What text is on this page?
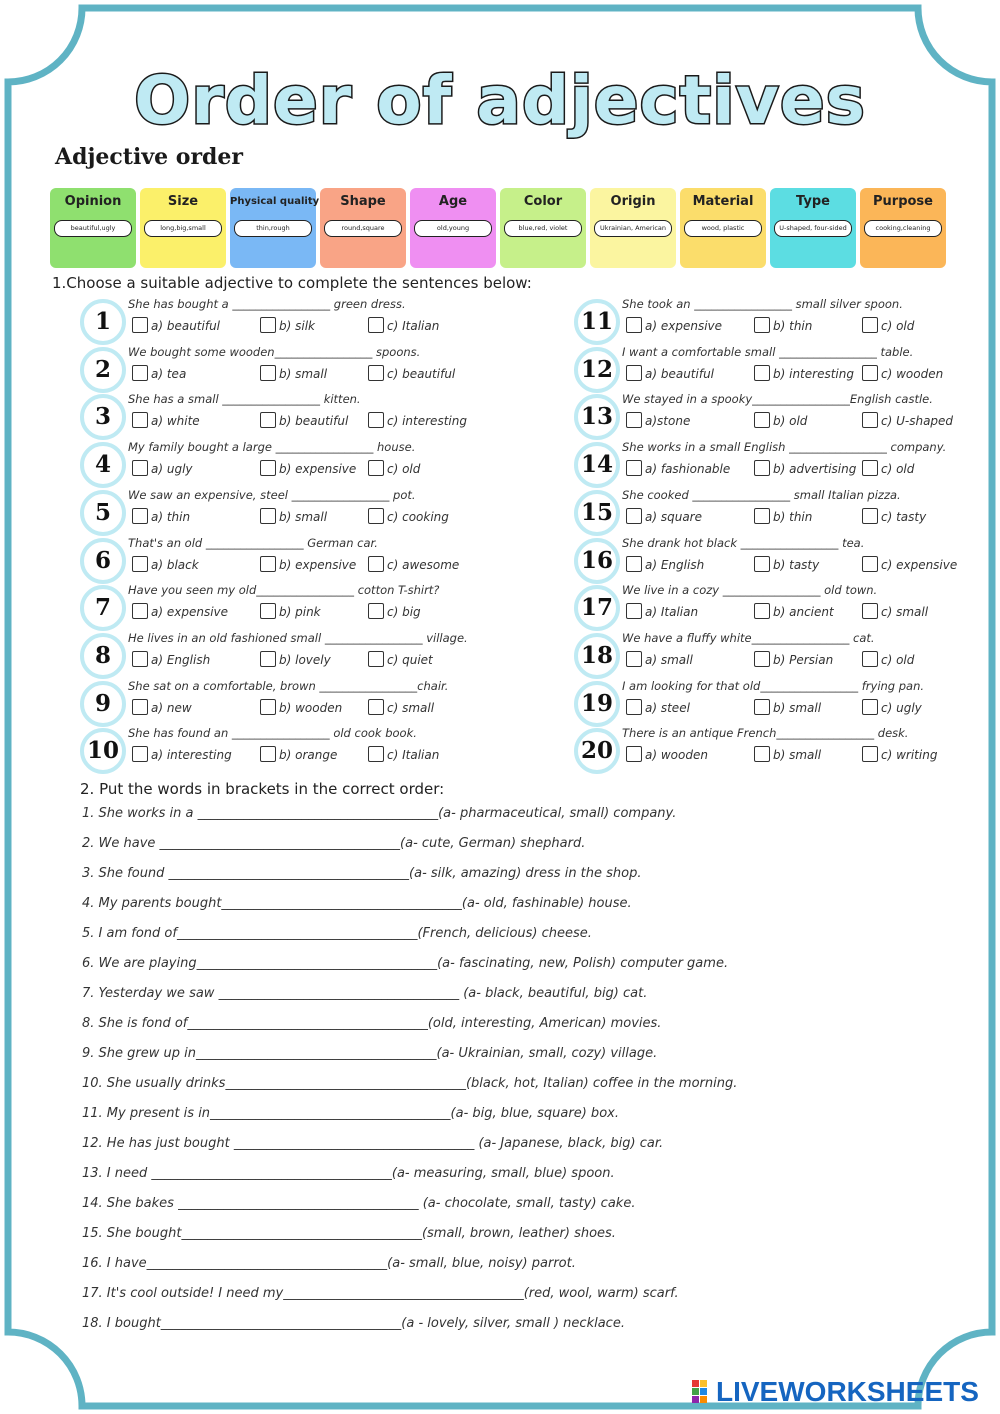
Order of adjectives
Adjective order
Opinion
beautiful,ugly
Size
long,big,small
Physical quality
thin,rough
Shape
round,square
Age
old,young
Color
blue,red, violet
Origin
Ukrainian, American
Material
wood, plastic
Type
U-shaped, four-sided
Purpose
cooking,cleaning
1.Choose a suitable adjective to complete the sentences below:
1
She has bought a _________________ green dress.
a) beautiful	b) silk	c) Italian
2
We bought some wooden_________________ spoons.
a) tea	b) small	c) beautiful
3
She has a small _________________ kitten.
a) white	b) beautiful	c) interesting
4
My family bought a large _________________ house.
a) ugly	b) expensive	c) old
5
We saw an expensive, steel _________________ pot.
a) thin	b) small	c) cooking
6
That's an old _________________ German car.
a) black	b) expensive	c) awesome
7
Have you seen my old_________________ cotton T-shirt?
a) expensive	b) pink	c) big
8
He lives in an old fashioned small _________________ village.
a) English	b) lovely	c) quiet
9
She sat on a comfortable, brown _________________chair.
a) new	b) wooden	c) small
10
She has found an _________________ old cook book.
a) interesting	b) orange	c) Italian
11
She took an _________________ small silver spoon.
a) expensive	b) thin	c) old
12
I want a comfortable small _________________ table.
a) beautiful	b) interesting	c) wooden
13
We stayed in a spooky_________________English castle.
a)stone	b) old	c) U-shaped
14
She works in a small English _________________ company.
a) fashionable	b) advertising	c) old
15
She cooked _________________ small Italian pizza.
a) square	b) thin	c) tasty
16
She drank hot black _________________ tea.
a) English	b) tasty	c) expensive
17
We live in a cozy _________________ old town.
a) Italian	b) ancient	c) small
18
We have a fluffy white_________________ cat.
a) small	b) Persian	c) old
19
I am looking for that old_________________ frying pan.
a) steel	b) small	c) ugly
20
There is an antique French_________________ desk.
a) wooden	b) small	c) writing
2. Put the words in brackets in the correct order:
1. She works in a _____________________________________(a- pharmaceutical, small) company.
2. We have _____________________________________(a- cute, German) shephard.
3. She found _____________________________________(a- silk, amazing) dress in the shop.
4. My parents bought_____________________________________(a- old, fashinable) house.
5. I am fond of_____________________________________(French, delicious) cheese.
6. We are playing_____________________________________(a- fascinating, new, Polish) computer game.
7. Yesterday we saw _____________________________________ (a- black, beautiful, big) cat.
8. She is fond of_____________________________________(old, interesting, American) movies.
9. She grew up in_____________________________________(a- Ukrainian, small, cozy) village.
10. She usually drinks_____________________________________(black, hot, Italian) coffee in the morning.
11. My present is in_____________________________________(a- big, blue, square) box.
12. He has just bought _____________________________________ (a- Japanese, black, big) car.
13. I need _____________________________________(a- measuring, small, blue) spoon.
14. She bakes _____________________________________ (a- chocolate, small, tasty) cake.
15. She bought_____________________________________(small, brown, leather) shoes.
16. I have_____________________________________(a- small, blue, noisy) parrot.
17. It's cool outside! I need my_____________________________________(red, wool, warm) scarf.
18. I bought_____________________________________(a - lovely, silver, small ) necklace.
LIVEWORKSHEETS
